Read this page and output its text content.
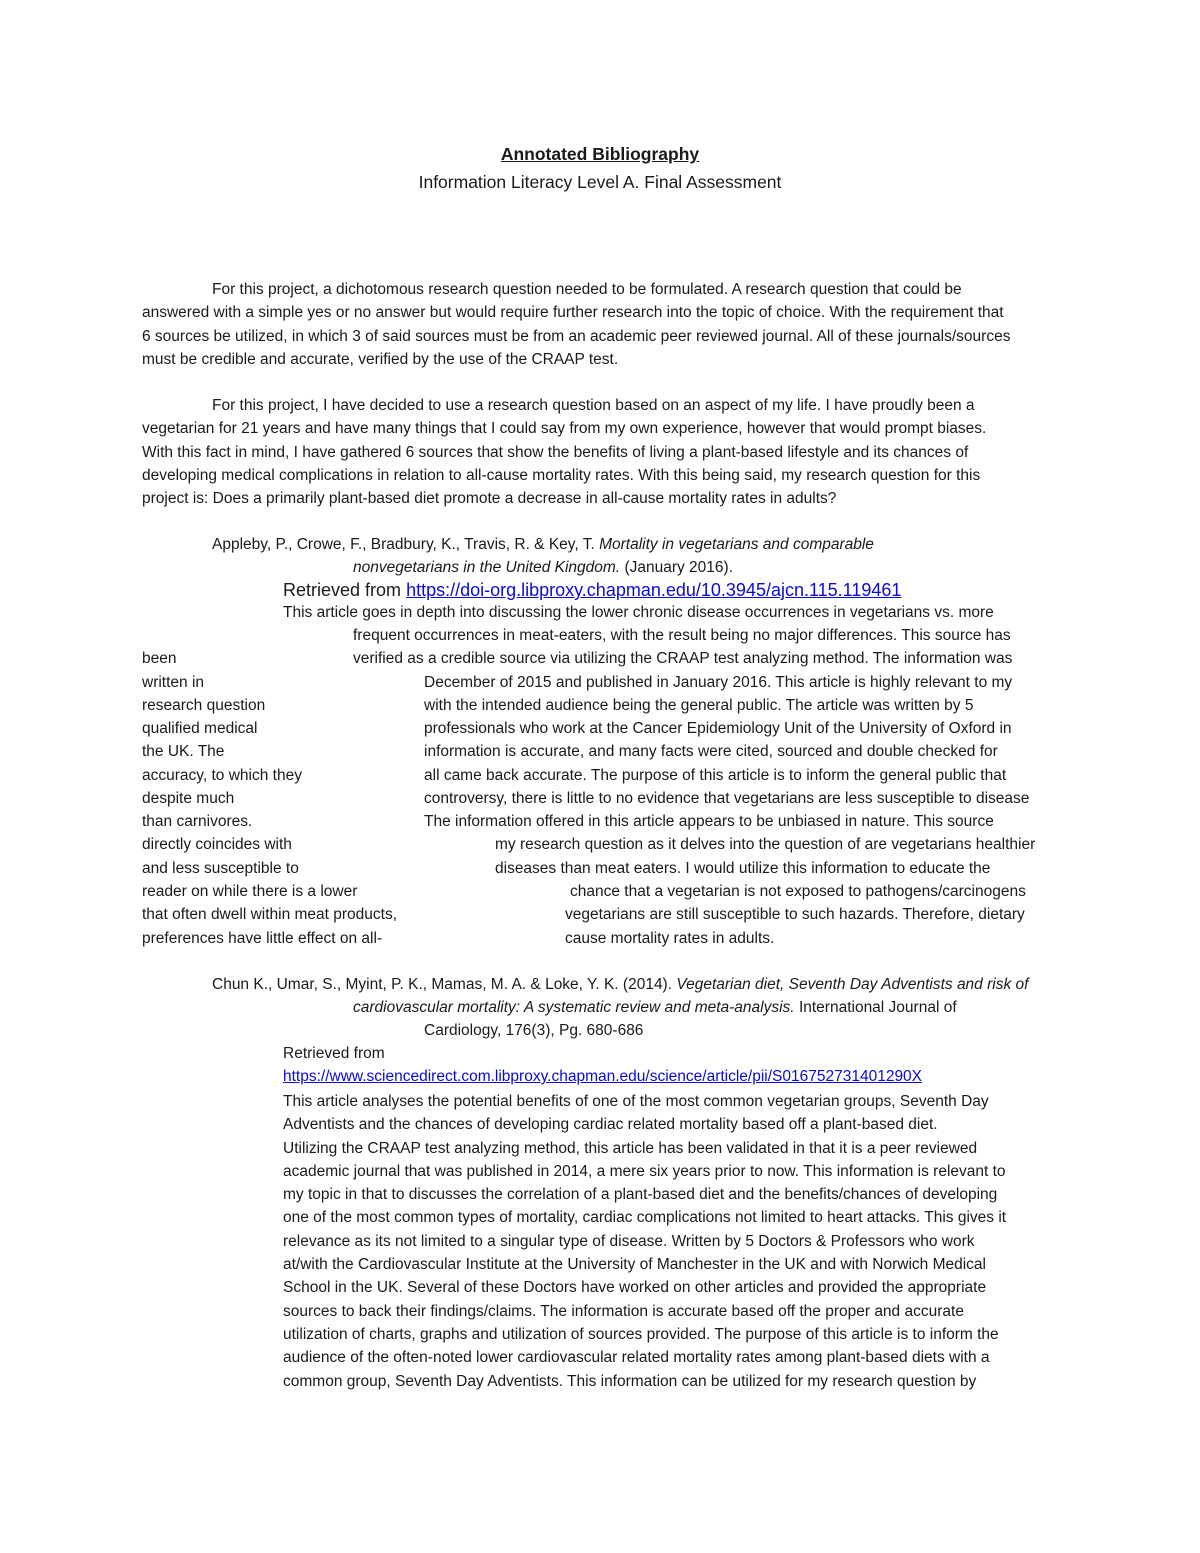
Annotated Bibliography
Information Literacy Level A. Final Assessment
For this project, a dichotomous research question needed to be formulated. A research question that could be
answered with a simple yes or no answer but would require further research into the topic of choice. With the requirement that
6 sources be utilized, in which 3 of said sources must be from an academic peer reviewed journal. All of these journals/sources
must be credible and accurate, verified by the use of the CRAAP test.
For this project, I have decided to use a research question based on an aspect of my life. I have proudly been a
vegetarian for 21 years and have many things that I could say from my own experience, however that would prompt biases.
With this fact in mind, I have gathered 6 sources that show the benefits of living a plant-based lifestyle and its chances of
developing medical complications in relation to all-cause mortality rates. With this being said, my research question for this
project is: Does a primarily plant-based diet promote a decrease in all-cause mortality rates in adults?
Appleby, P., Crowe, F., Bradbury, K., Travis, R. & Key, T. Mortality in vegetarians and comparable
nonvegetarians in the United Kingdom. (January 2016).
Retrieved from https://doi-org.libproxy.chapman.edu/10.3945/ajcn.115.119461
This article goes in depth into discussing the lower chronic disease occurrences in vegetarians vs. more
frequent occurrences in meat-eaters, with the result being no major differences. This source has
verified as a credible source via utilizing the CRAAP test analyzing method. The information was
been
written in
research question
qualified medical
the UK. The
accuracy, to which they
despite much
than carnivores.
directly coincides with
and less susceptible to
reader on while there is a lower
that often dwell within meat products,
preferences have little effect on all-
December of 2015 and published in January 2016. This article is highly relevant to my
with the intended audience being the general public. The article was written by 5
professionals who work at the Cancer Epidemiology Unit of the University of Oxford in
information is accurate, and many facts were cited, sourced and double checked for
all came back accurate. The purpose of this article is to inform the general public that
controversy, there is little to no evidence that vegetarians are less susceptible to disease
The information offered in this article appears to be unbiased in nature. This source
my research question as it delves into the question of are vegetarians healthier
diseases than meat eaters. I would utilize this information to educate the
chance that a vegetarian is not exposed to pathogens/carcinogens
vegetarians are still susceptible to such hazards. Therefore, dietary
cause mortality rates in adults.
Chun K., Umar, S., Myint, P. K., Mamas, M. A. & Loke, Y. K. (2014). Vegetarian diet, Seventh Day Adventists and risk of
cardiovascular mortality: A systematic review and meta-analysis. International Journal of
Cardiology, 176(3), Pg. 680-686
Retrieved from
https://www.sciencedirect.com.libproxy.chapman.edu/science/article/pii/S016752731401290X
This article analyses the potential benefits of one of the most common vegetarian groups, Seventh Day
Adventists and the chances of developing cardiac related mortality based off a plant-based diet.
Utilizing the CRAAP test analyzing method, this article has been validated in that it is a peer reviewed
academic journal that was published in 2014, a mere six years prior to now. This information is relevant to
my topic in that to discusses the correlation of a plant-based diet and the benefits/chances of developing
one of the most common types of mortality, cardiac complications not limited to heart attacks. This gives it
relevance as its not limited to a singular type of disease. Written by 5 Doctors & Professors who work
at/with the Cardiovascular Institute at the University of Manchester in the UK and with Norwich Medical
School in the UK. Several of these Doctors have worked on other articles and provided the appropriate
sources to back their findings/claims. The information is accurate based off the proper and accurate
utilization of charts, graphs and utilization of sources provided. The purpose of this article is to inform the
audience of the often-noted lower cardiovascular related mortality rates among plant-based diets with a
common group, Seventh Day Adventists. This information can be utilized for my research question by
